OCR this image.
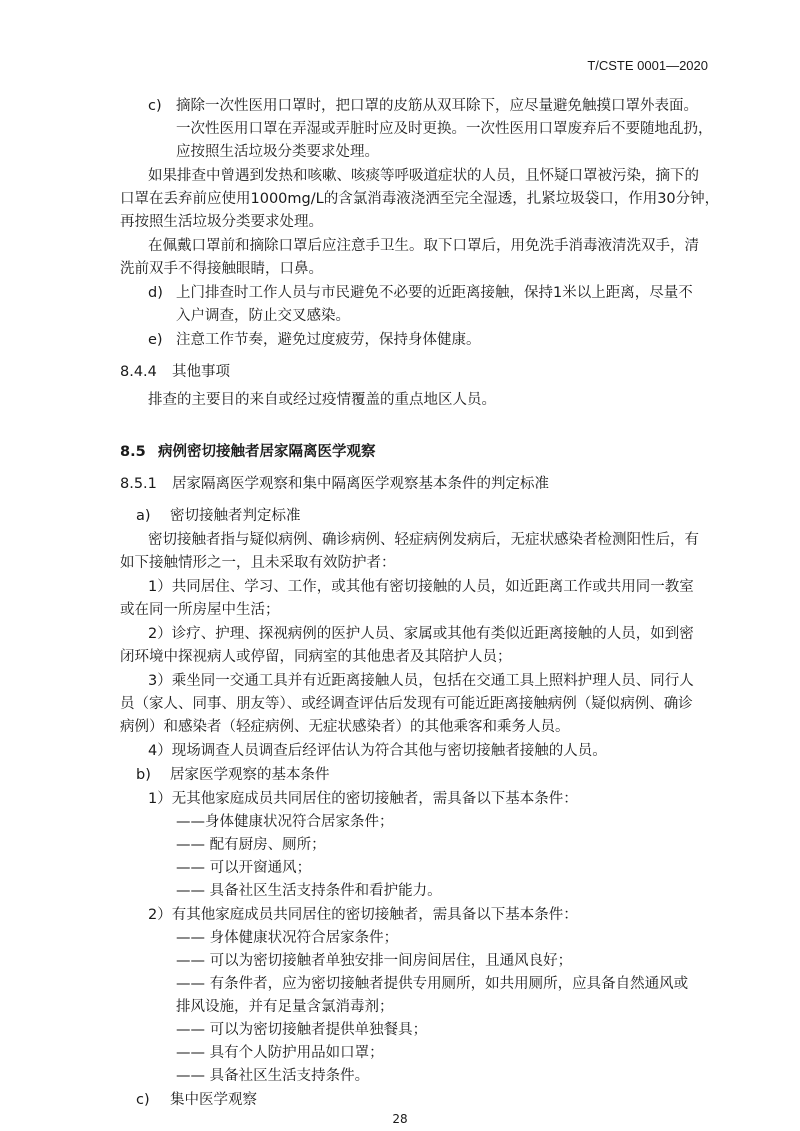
T/CSTE 0001—2020
c) 摘除一次性医用口罩时，把口罩的皮筋从双耳除下，应尽量避免触摸口罩外表面。
一次性医用口罩在弄湿或弄脏时应及时更换。一次性医用口罩废弃后不要随地乱扔，
应按照生活垃圾分类要求处理。
如果排查中曾遇到发热和咳嗽、咳痰等呼吸道症状的人员，且怀疑口罩被污染，摘下的
口罩在丢弃前应使用1000mg/L的含氯消毒液浇洒至完全湿透，扎紧垃圾袋口，作用30分钟，
再按照生活垃圾分类要求处理。
在佩戴口罩前和摘除口罩后应注意手卫生。取下口罩后，用免洗手消毒液清洗双手，清
洗前双手不得接触眼睛，口鼻。
d) 上门排查时工作人员与市民避免不必要的近距离接触，保持1米以上距离，尽量不
入户调查，防止交叉感染。
e) 注意工作节奏，避免过度疲劳，保持身体健康。
8.4.4 其他事项
排查的主要目的来自或经过疫情覆盖的重点地区人员。
8.5 病例密切接触者居家隔离医学观察
8.5.1 居家隔离医学观察和集中隔离医学观察基本条件的判定标准
a) 密切接触者判定标准
密切接触者指与疑似病例、确诊病例、轻症病例发病后，无症状感染者检测阳性后，有
如下接触情形之一，且未采取有效防护者：
1）共同居住、学习、工作，或其他有密切接触的人员，如近距离工作或共用同一教室
或在同一所房屋中生活；
2）诊疗、护理、探视病例的医护人员、家属或其他有类似近距离接触的人员，如到密
闭环境中探视病人或停留，同病室的其他患者及其陪护人员；
3）乘坐同一交通工具并有近距离接触人员，包括在交通工具上照料护理人员、同行人
员（家人、同事、朋友等）、或经调查评估后发现有可能近距离接触病例（疑似病例、确诊
病例）和感染者（轻症病例、无症状感染者）的其他乘客和乘务人员。
4）现场调查人员调查后经评估认为符合其他与密切接触者接触的人员。
b) 居家医学观察的基本条件
1）无其他家庭成员共同居住的密切接触者，需具备以下基本条件：
——身体健康状况符合居家条件；
—— 配有厨房、厕所；
—— 可以开窗通风；
—— 具备社区生活支持条件和看护能力。
2）有其他家庭成员共同居住的密切接触者，需具备以下基本条件：
—— 身体健康状况符合居家条件；
—— 可以为密切接触者单独安排一间房间居住，且通风良好；
—— 有条件者，应为密切接触者提供专用厕所，如共用厕所，应具备自然通风或
排风设施，并有足量含氯消毒剂；
—— 可以为密切接触者提供单独餐具；
—— 具有个人防护用品如口罩；
—— 具备社区生活支持条件。
c) 集中医学观察
28
